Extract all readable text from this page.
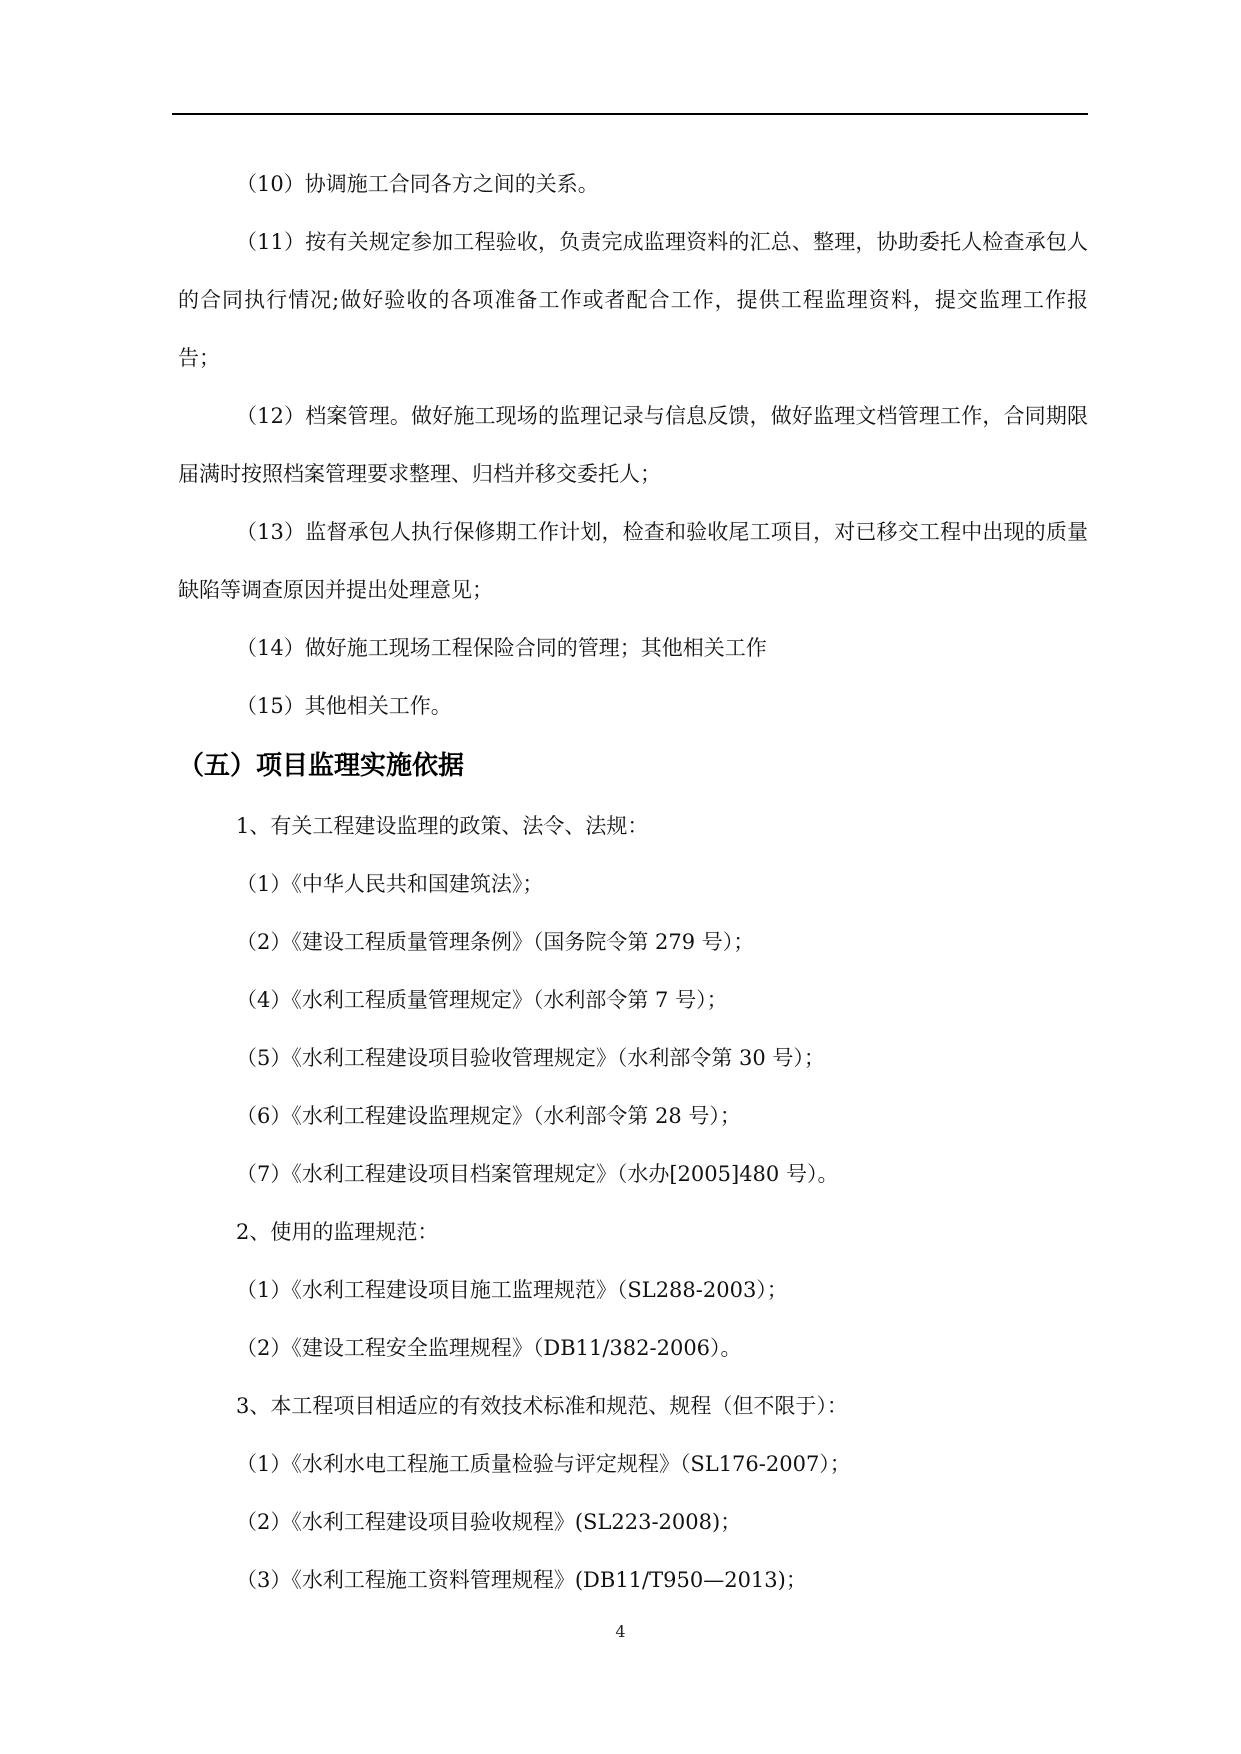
（10）协调施工合同各方之间的关系。

（11）按有关规定参加工程验收，负责完成监理资料的汇总、整理，协助委托人检查承包人的合同执行情况;做好验收的各项准备工作或者配合工作，提供工程监理资料，提交监理工作报告；

（12）档案管理。做好施工现场的监理记录与信息反馈，做好监理文档管理工作，合同期限届满时按照档案管理要求整理、归档并移交委托人；

（13）监督承包人执行保修期工作计划，检查和验收尾工项目，对已移交工程中出现的质量缺陷等调查原因并提出处理意见；

（14）做好施工现场工程保险合同的管理；其他相关工作

（15）其他相关工作。

（五）项目监理实施依据

1、有关工程建设监理的政策、法令、法规：

（1）《中华人民共和国建筑法》；

（2）《建设工程质量管理条例》（国务院令第 279 号）；

（4）《水利工程质量管理规定》（水利部令第 7 号）；

（5）《水利工程建设项目验收管理规定》（水利部令第 30 号）；

（6）《水利工程建设监理规定》（水利部令第 28 号）；

（7）《水利工程建设项目档案管理规定》（水办[2005]480 号）。

2、使用的监理规范：

（1）《水利工程建设项目施工监理规范》（SL288-2003）；

（2）《建设工程安全监理规程》（DB11/382-2006）。

3、本工程项目相适应的有效技术标准和规范、规程（但不限于）：

（1）《水利水电工程施工质量检验与评定规程》（SL176-2007）；

（2）《水利工程建设项目验收规程》(SL223-2008)；

（3）《水利工程施工资料管理规程》(DB11/T950—2013)；

4
